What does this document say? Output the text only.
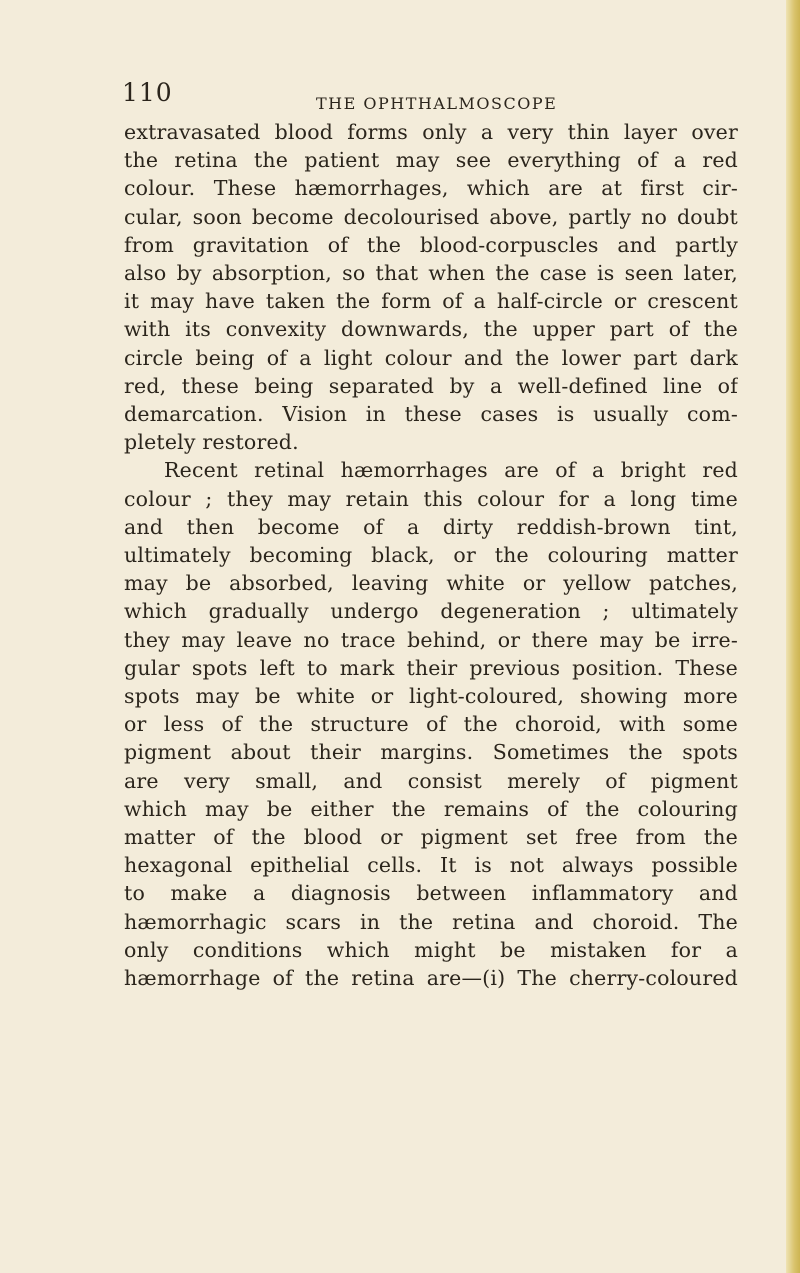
110	THE OPHTHALMOSCOPE
extravasated blood forms only a very thin layer over
the retina the patient may see everything of a red
colour. These hæmorrhages, which are at first cir-
cular, soon become decolourised above, partly no doubt
from gravitation of the blood-corpuscles and partly
also by absorption, so that when the case is seen later,
it may have taken the form of a half-circle or crescent
with its convexity downwards, the upper part of the
circle being of a light colour and the lower part dark
red, these being separated by a well-defined line of
demarcation. Vision in these cases is usually com-
pletely restored.
Recent retinal hæmorrhages are of a bright red
colour ; they may retain this colour for a long time
and then become of a dirty reddish-brown tint,
ultimately becoming black, or the colouring matter
may be absorbed, leaving white or yellow patches,
which gradually undergo degeneration ; ultimately
they may leave no trace behind, or there may be irre-
gular spots left to mark their previous position. These
spots may be white or light-coloured, showing more
or less of the structure of the choroid, with some
pigment about their margins. Sometimes the spots
are very small, and consist merely of pigment
which may be either the remains of the colouring
matter of the blood or pigment set free from the
hexagonal epithelial cells. It is not always possible
to make a diagnosis between inflammatory and
hæmorrhagic scars in the retina and choroid. The
only conditions which might be mistaken for a
hæmorrhage of the retina are—(i) The cherry-coloured
